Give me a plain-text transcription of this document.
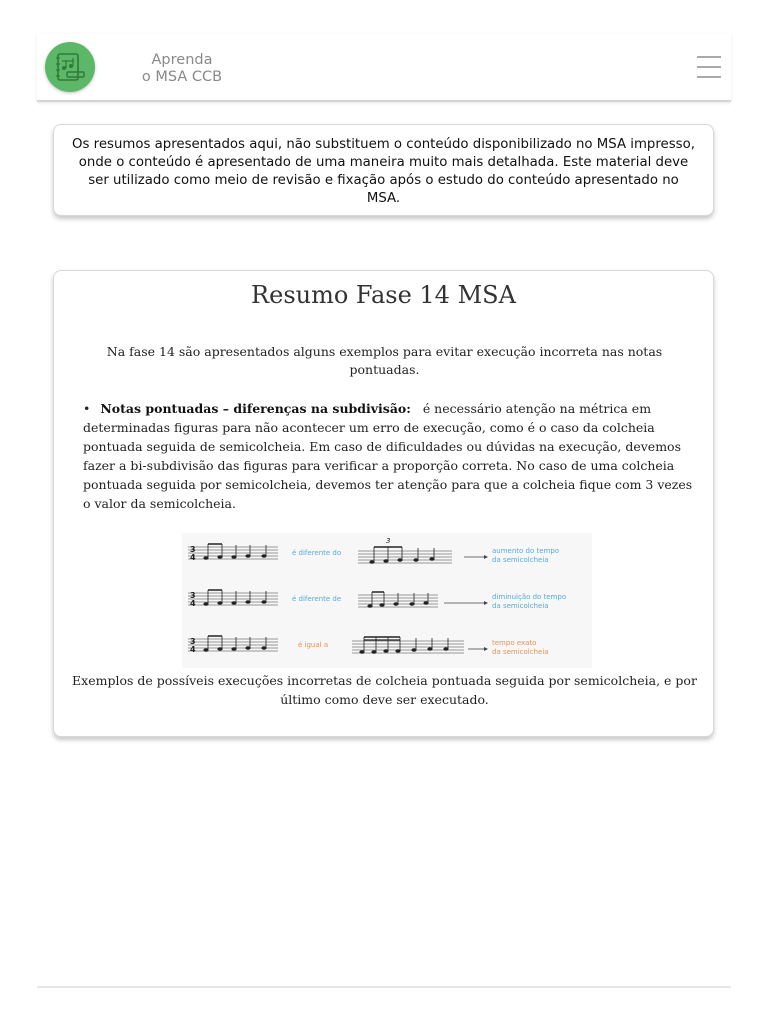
Aprenda
o MSA CCB

Os resumos apresentados aqui, não substituem o conteúdo disponibilizado no MSA impresso, onde o conteúdo é apresentado de uma maneira muito mais detalhada. Este material deve ser utilizado como meio de revisão e fixação após o estudo do conteúdo apresentado no MSA.

Resumo Fase 14 MSA
Na fase 14 são apresentados alguns exemplos para evitar execução incorreta nas notas pontuadas.
• Notas pontuadas – diferenças na subdivisão: é necessário atenção na métrica em determinadas figuras para não acontecer um erro de execução, como é o caso da colcheia pontuada seguida de semicolcheia. Em caso de dificuldades ou dúvidas na execução, devemos fazer a bi-subdivisão das figuras para verificar a proporção correta. No caso de uma colcheia pontuada seguida por semicolcheia, devemos ter atenção para que a colcheia fique com 3 vezes o valor da semicolcheia.
3
4	é diferente do
3
aumento do tempo
da semicolcheia
3
4	é diferente de	diminuição do tempo
da semicolcheia
3
4	é igual a	tempo exato
da semicolcheia
Exemplos de possíveis execuções incorretas de colcheia pontuada seguida por semicolcheia, e por último como deve ser executado.
